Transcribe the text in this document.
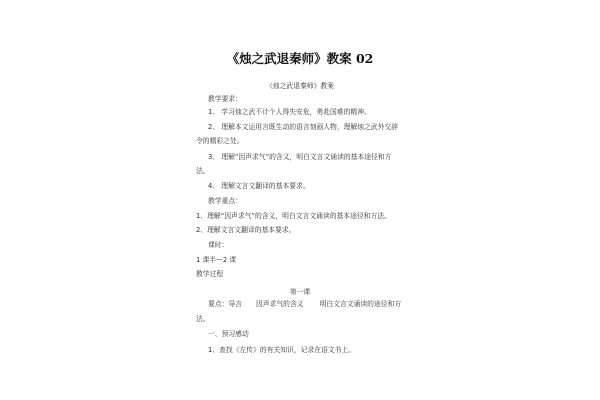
《烛之武退秦师》教案 02
《烛之武退秦师》教案
教学要求：
1、 学习烛之武不计个人得失安危，勇赴国难的精神。
2、 理解本文运用言既生动的语言刻画人物，理解烛之武外交辞
令的精彩之处。
3、 理解“因声求气”的含义，明白文言文诵读的基本途径和方
法。
4、 理解文言文翻译的基本要求。
教学重点：
1、理解“因声求气”的含义，明白文言文诵读的基本途径和方法。
2、理解文言文翻译的基本要求。
课时：
1 课半—2 课
教学过程
第一课
要点：导言 因声求气的含义 明白文言文诵读的途径和方
法。
一、预习感动
1、查找《左传》的有关知识，记录在语文书上。
